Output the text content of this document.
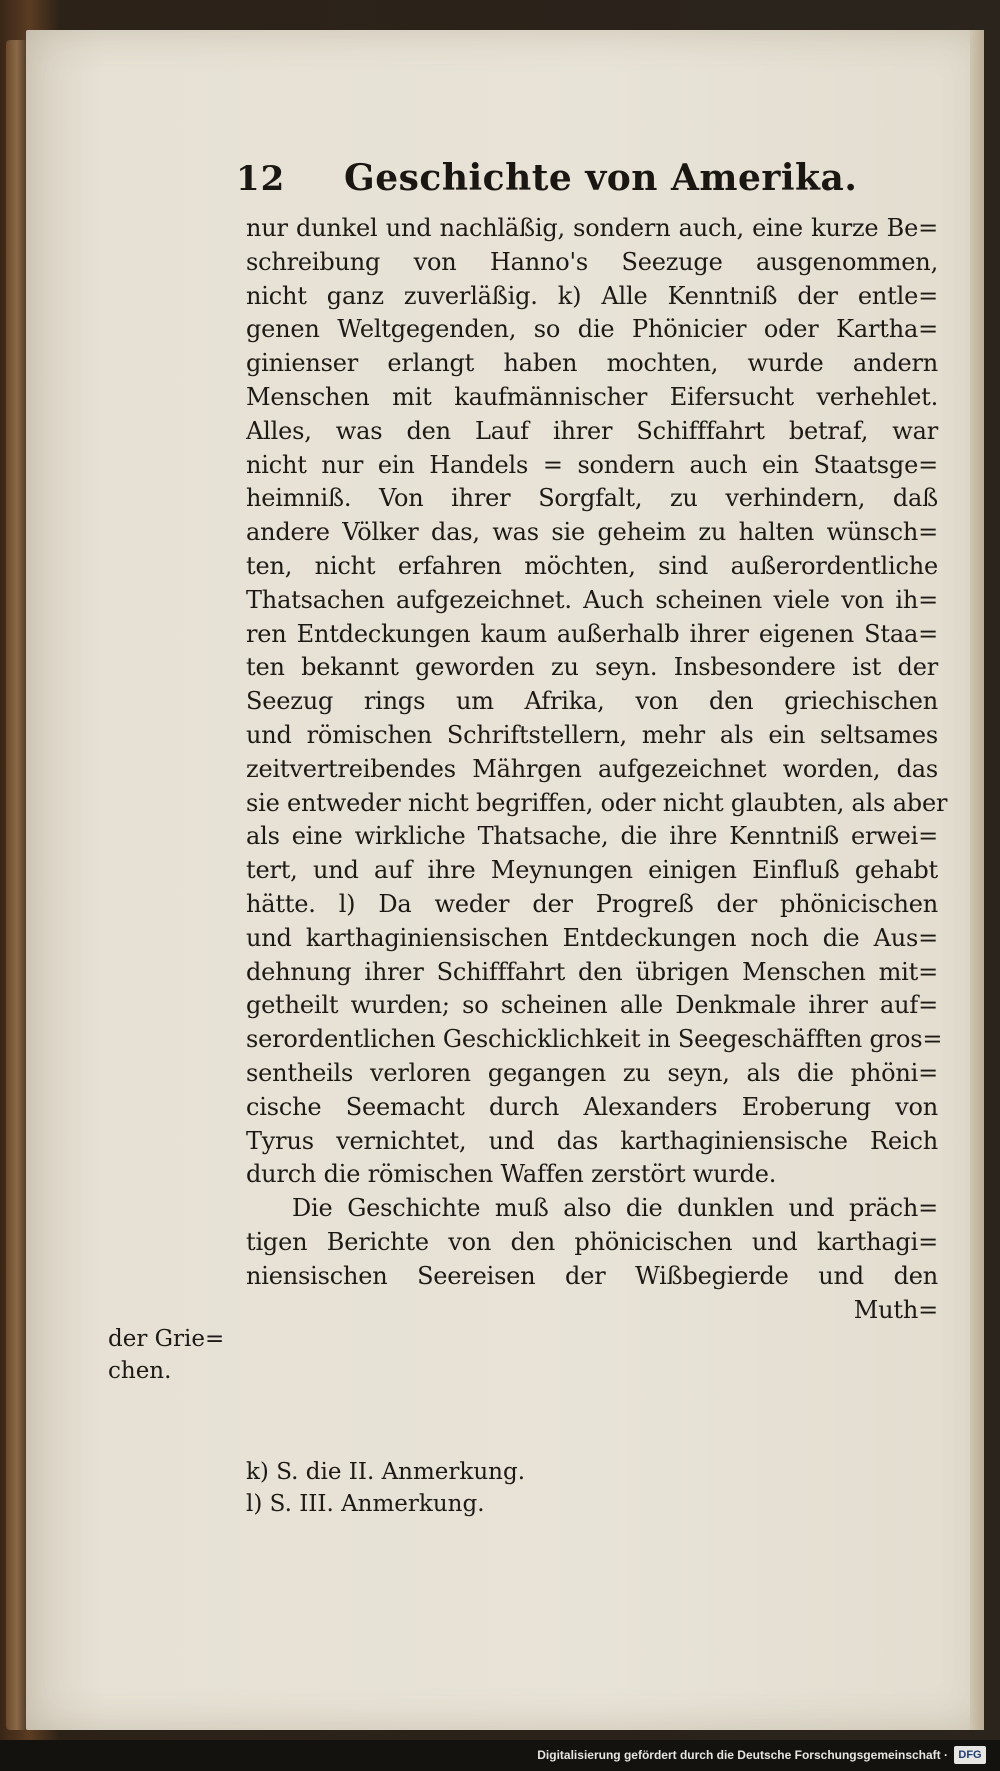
12 Geschichte von Amerika.
nur dunkel und nachläßig, sondern auch, eine kurze Be=
schreibung von Hanno's Seezuge ausgenommen,
nicht ganz zuverläßig. k) Alle Kenntniß der entle=
genen Weltgegenden, so die Phönicier oder Kartha=
ginienser erlangt haben mochten, wurde andern
Menschen mit kaufmännischer Eifersucht verhehlet.
Alles, was den Lauf ihrer Schifffahrt betraf, war
nicht nur ein Handels = sondern auch ein Staatsge=
heimniß. Von ihrer Sorgfalt, zu verhindern, daß
andere Völker das, was sie geheim zu halten wünsch=
ten, nicht erfahren möchten, sind außerordentliche
Thatsachen aufgezeichnet. Auch scheinen viele von ih=
ren Entdeckungen kaum außerhalb ihrer eigenen Staa=
ten bekannt geworden zu seyn. Insbesondere ist der
Seezug rings um Afrika, von den griechischen
und römischen Schriftstellern, mehr als ein seltsames
zeitvertreibendes Mährgen aufgezeichnet worden, das
sie entweder nicht begriffen, oder nicht glaubten, als aber
als eine wirkliche Thatsache, die ihre Kenntniß erwei=
tert, und auf ihre Meynungen einigen Einfluß gehabt
hätte. l) Da weder der Progreß der phönicischen
und karthaginiensischen Entdeckungen noch die Aus=
dehnung ihrer Schifffahrt den übrigen Menschen mit=
getheilt wurden; so scheinen alle Denkmale ihrer auf=
serordentlichen Geschicklichkeit in Seegeschäfften gros=
sentheils verloren gegangen zu seyn, als die phöni=
cische Seemacht durch Alexanders Eroberung von
Tyrus vernichtet, und das karthaginiensische Reich
durch die römischen Waffen zerstört wurde.
Die Geschichte muß also die dunklen und präch=
tigen Berichte von den phönicischen und karthagi=
niensischen Seereisen der Wißbegierde und den
Muth=
der Grie=
chen.
k) S. die II. Anmerkung.
l) S. III. Anmerkung.
Digitalisierung gefördert durch die Deutsche Forschungsgemeinschaft · DFG
